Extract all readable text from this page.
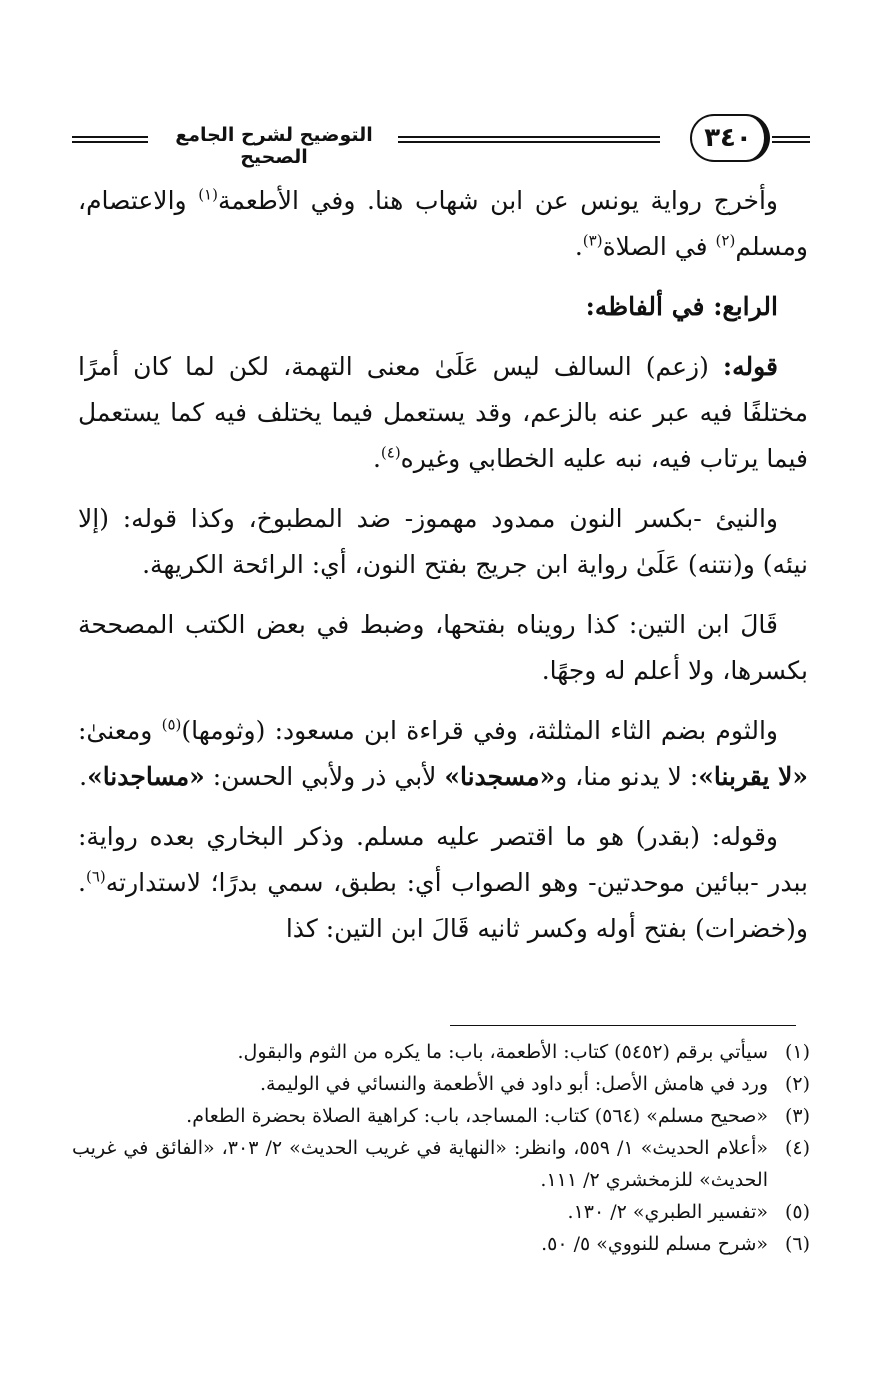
التوضيح لشرح الجامع الصحيح
٣٤٠

وأخرج رواية يونس عن ابن شهاب هنا. وفي الأطعمة$^{(١)}$ والاعتصام، ومسلم$^{(٢)}$ في الصلاة$^{(٣)}$.

الرابع: في ألفاظه:

قوله: (زعم) السالف ليس عَلَىٰ معنى التهمة، لكن لما كان أمرًا مختلفًا فيه عبر عنه بالزعم، وقد يستعمل فيما يختلف فيه كما يستعمل فيما يرتاب فيه، نبه عليه الخطابي وغيره$^{(٤)}$.

والنيئ -بكسر النون ممدود مهموز- ضد المطبوخ، وكذا قوله: (إلا نيئه) و(نتنه) عَلَىٰ رواية ابن جريج بفتح النون، أي: الرائحة الكريهة.

قَالَ ابن التين: كذا رويناه بفتحها، وضبط في بعض الكتب المصححة بكسرها، ولا أعلم له وجهًا.

والثوم بضم الثاء المثلثة، وفي قراءة ابن مسعود: (وثومها)$^{(٥)}$ ومعنىٰ: «لا يقربنا»: لا يدنو منا، و«مسجدنا» لأبي ذر ولأبي الحسن: «مساجدنا».

وقوله: (بقدر) هو ما اقتصر عليه مسلم. وذكر البخاري بعده رواية: ببدر -ببائين موحدتين- وهو الصواب أي: بطبق، سمي بدرًا؛ لاستدارته$^{(٦)}$. و(خضرات) بفتح أوله وكسر ثانيه قَالَ ابن التين: كذا

(١)
سيأتي برقم (٥٤٥٢) كتاب: الأطعمة، باب: ما يكره من الثوم والبقول.
(٢)
ورد في هامش الأصل: أبو داود في الأطعمة والنسائي في الوليمة.
(٣)
«صحيح مسلم» (٥٦٤) كتاب: المساجد، باب: كراهية الصلاة بحضرة الطعام.
(٤)
«أعلام الحديث» ١/ ٥٥٩، وانظر: «النهاية في غريب الحديث» ٢/ ٣٠٣، «الفائق في غريب الحديث» للزمخشري ٢/ ١١١.
(٥)
«تفسير الطبري» ٢/ ١٣٠.
(٦)
«شرح مسلم للنووي» ٥/ ٥٠.
